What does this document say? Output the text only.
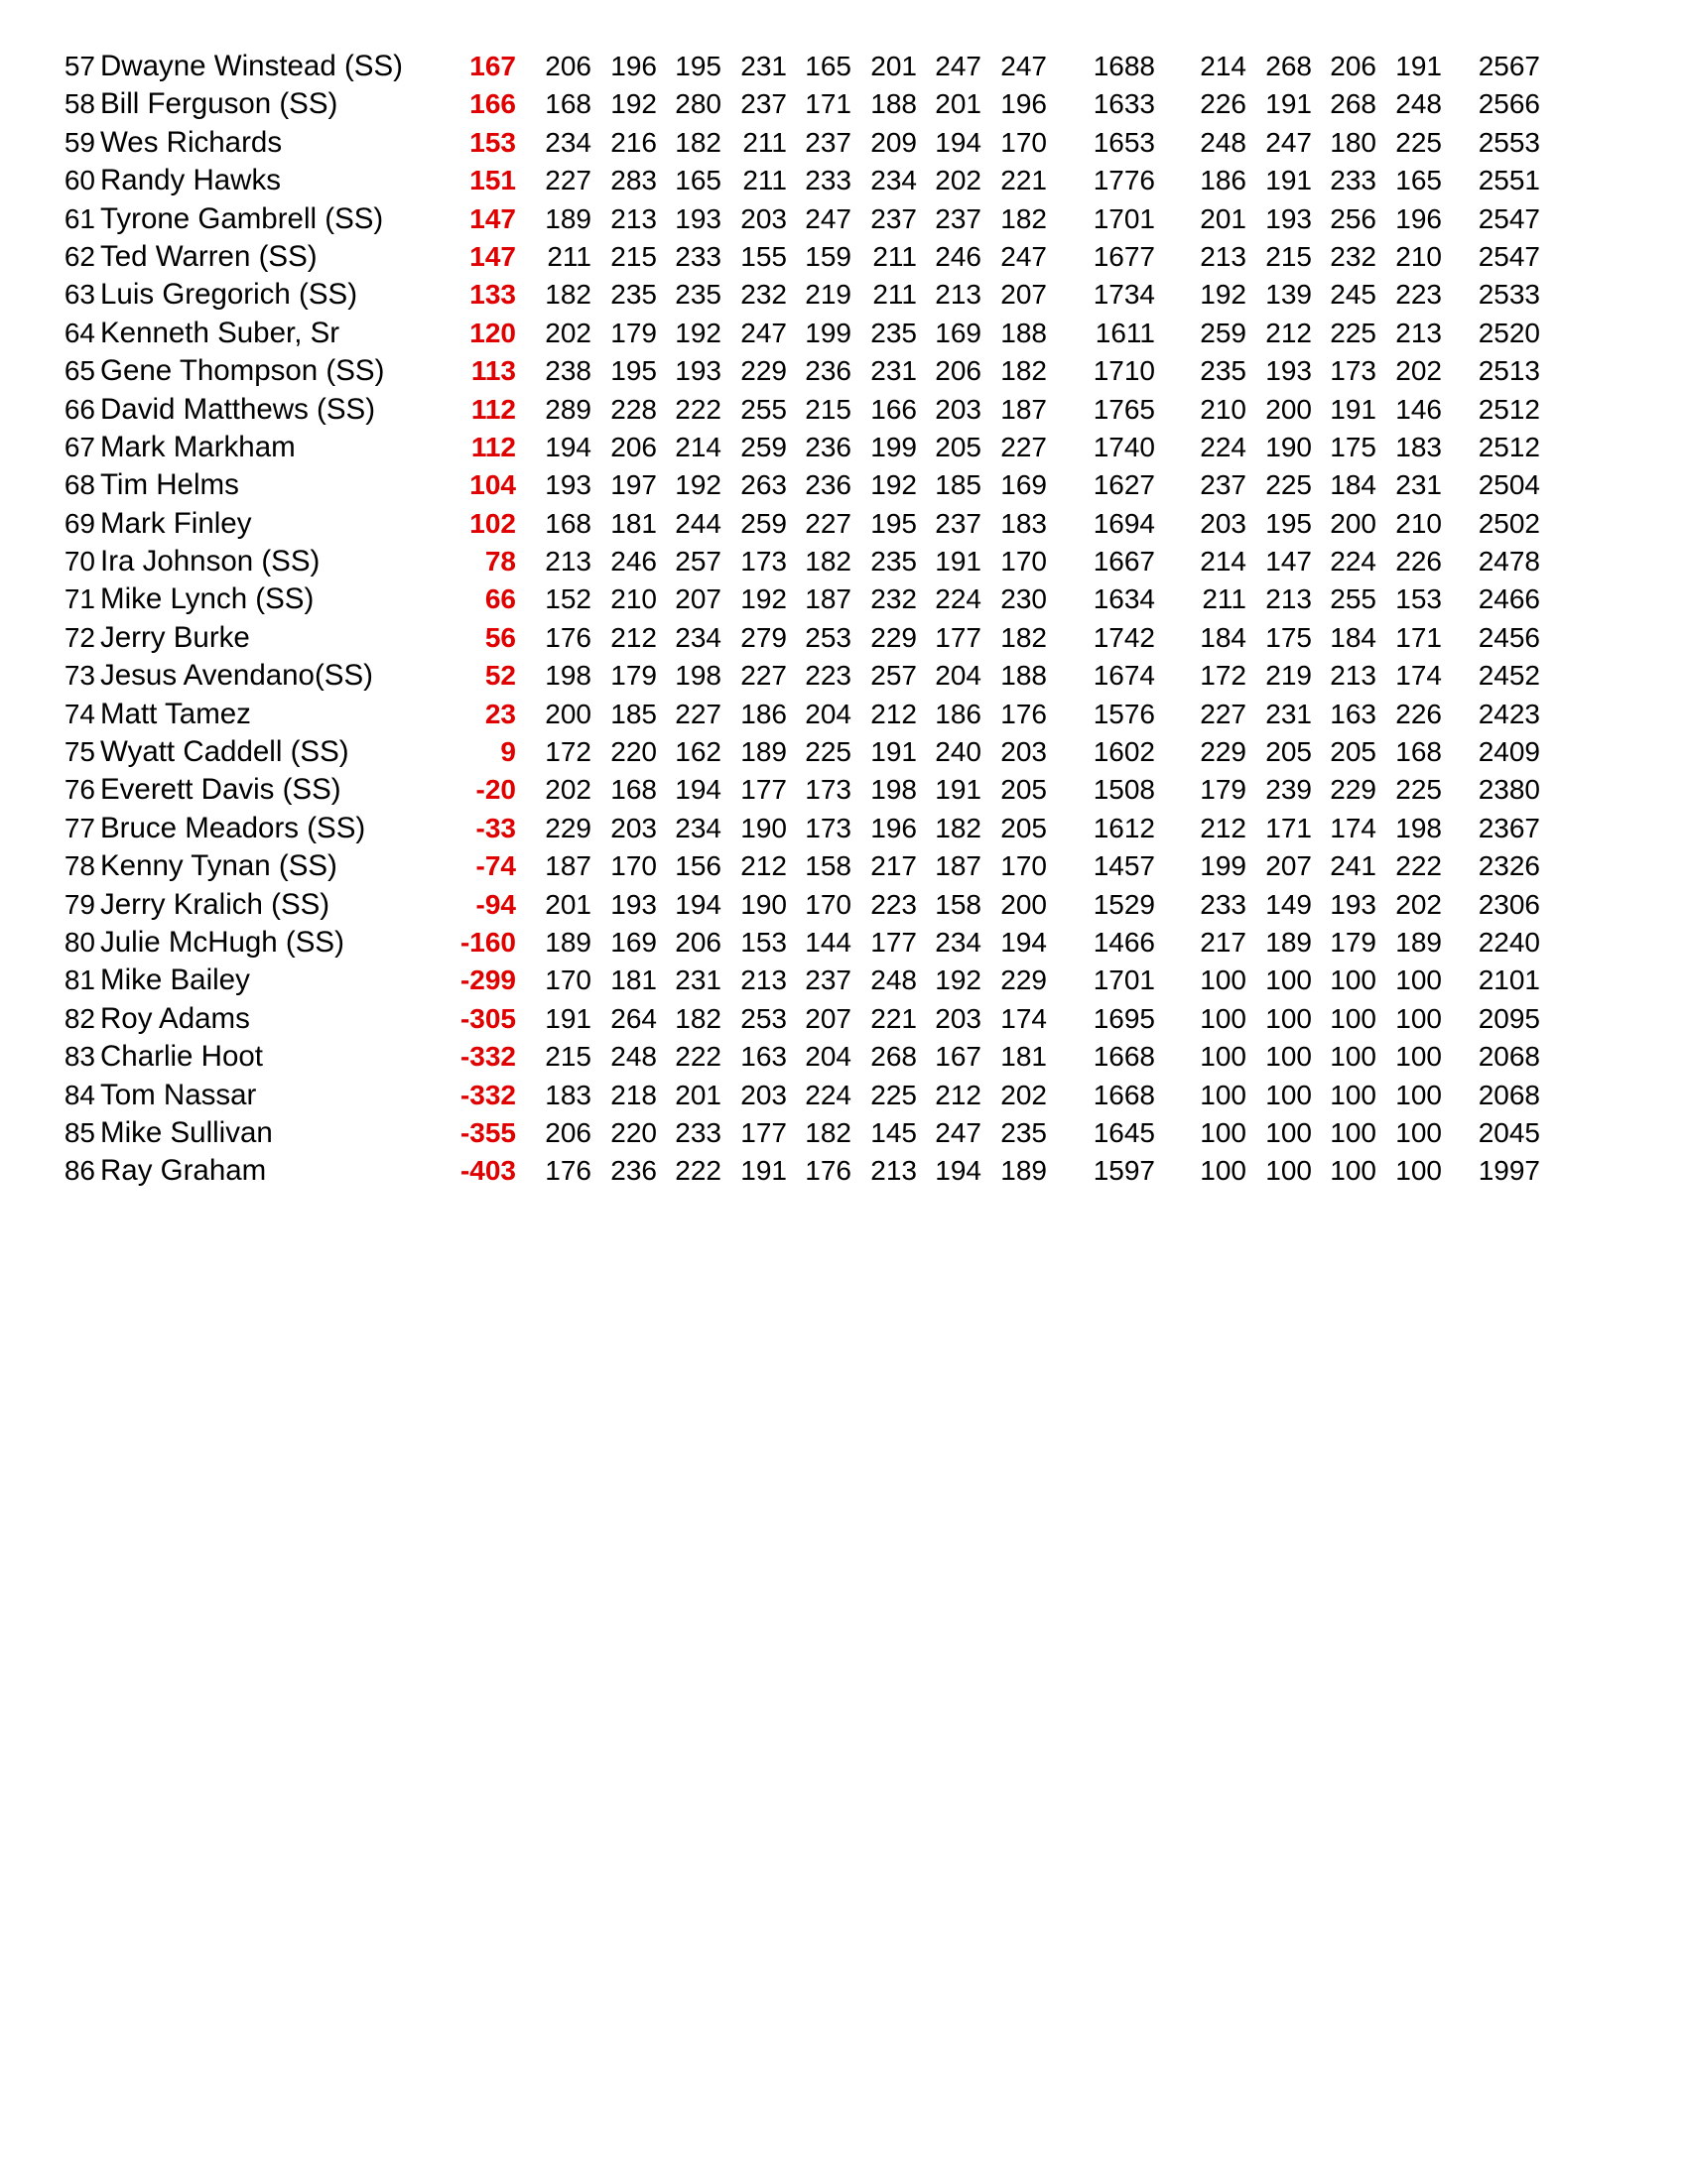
57 Dwayne Winstead (SS)	167 206 196 195 231 165 201 247 247	1688 214 268 206 191	2567
58 Bill Ferguson (SS)	166 168 192 280 237 171 188 201 196	1633 226 191 268 248	2566
59 Wes Richards	153 234 216 182 211 237 209 194 170	1653 248 247 180 225	2553
60 Randy Hawks	151 227 283 165 211 233 234 202 221	1776 186 191 233 165	2551
61 Tyrone Gambrell (SS)	147 189 213 193 203 247 237 237 182	1701 201 193 256 196	2547
62 Ted Warren (SS)	147	211 215 233 155 159 211 246 247	1677 213 215 232 210	2547
63 Luis Gregorich (SS)	133 182 235 235 232 219 211 213 207	1734 192 139 245 223	2533
64 Kenneth Suber, Sr	120 202 179 192 247 199 235 169 188	1611 259 212 225 213	2520
65 Gene Thompson (SS)	113 238 195 193 229 236 231 206 182	1710 235 193 173 202	2513
66 David Matthews (SS)	112 289 228 222 255 215 166 203 187	1765 210 200 191 146	2512
67 Mark Markham	112 194 206 214 259 236 199 205 227	1740 224 190 175 183	2512
68 Tim Helms	104 193 197 192 263 236 192 185 169	1627 237 225 184 231	2504
69 Mark Finley	102 168 181 244 259 227 195 237 183	1694 203 195 200 210	2502
70 Ira Johnson (SS)	78 213 246 257 173 182 235 191 170	1667 214 147 224 226	2478
71 Mike Lynch (SS)	66 152 210 207 192 187 232 224 230	1634	211 213 255 153	2466
72 Jerry Burke	56 176 212 234 279 253 229 177 182	1742 184 175 184 171	2456
73 Jesus Avendano(SS)	52 198 179 198 227 223 257 204 188	1674 172 219 213 174	2452
74 Matt Tamez	23 200 185 227 186 204 212 186 176	1576 227 231 163 226	2423
75 Wyatt Caddell (SS)	9 172 220 162 189 225 191 240 203	1602 229 205 205 168	2409
76 Everett Davis (SS)	-20 202 168 194 177 173 198 191 205	1508 179 239 229 225	2380
77 Bruce Meadors (SS)	-33 229 203 234 190 173 196 182 205	1612 212 171 174 198	2367
78 Kenny Tynan (SS)	-74 187 170 156 212 158 217 187 170	1457 199 207 241 222	2326
79 Jerry Kralich (SS)	-94 201 193 194 190 170 223 158 200	1529 233 149 193 202	2306
80 Julie McHugh (SS)	-160 189 169 206 153 144 177 234 194	1466 217 189 179 189	2240
81 Mike Bailey	-299 170 181 231 213 237 248 192 229	1701 100 100 100 100	2101
82 Roy Adams	-305 191 264 182 253 207 221 203 174	1695 100 100 100 100	2095
83 Charlie Hoot	-332 215 248 222 163 204 268 167 181	1668 100 100 100 100	2068
84 Tom Nassar	-332 183 218 201 203 224 225 212 202	1668 100 100 100 100	2068
85 Mike Sullivan	-355 206 220 233 177 182 145 247 235	1645 100 100 100 100	2045
86 Ray Graham	-403 176 236 222 191 176 213 194 189	1597 100 100 100 100	1997
